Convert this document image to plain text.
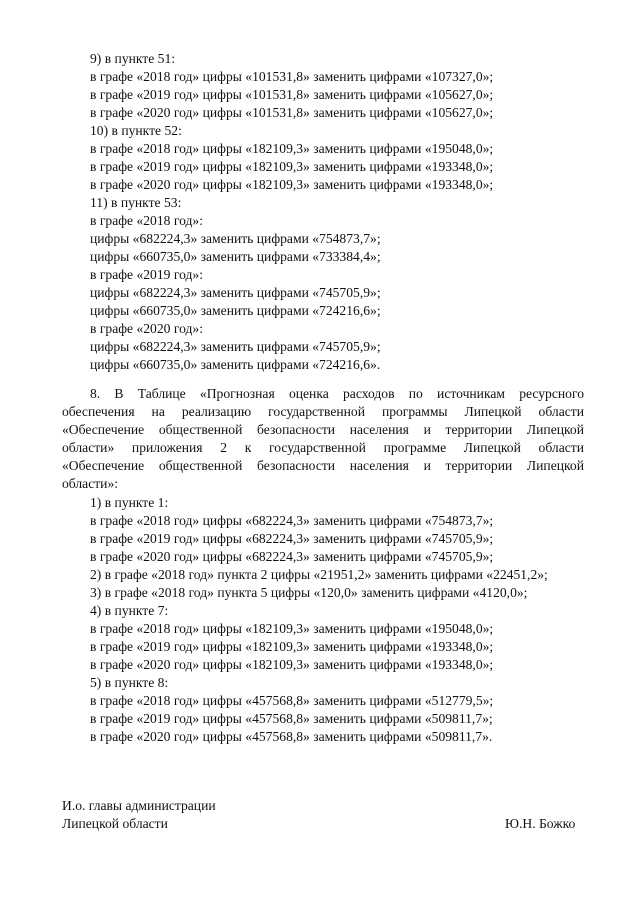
9) в пункте 51:
в графе «2018 год» цифры «101531,8» заменить цифрами «107327,0»;
в графе «2019 год» цифры «101531,8» заменить цифрами «105627,0»;
в графе «2020 год» цифры «101531,8» заменить цифрами «105627,0»;
10) в пункте 52:
в графе «2018 год» цифры «182109,3» заменить цифрами «195048,0»;
в графе «2019 год» цифры «182109,3» заменить цифрами «193348,0»;
в графе «2020 год» цифры «182109,3» заменить цифрами «193348,0»;
11) в пункте 53:
в графе «2018 год»:
цифры «682224,3» заменить цифрами «754873,7»;
цифры «660735,0» заменить цифрами «733384,4»;
в графе «2019 год»:
цифры «682224,3» заменить цифрами «745705,9»;
цифры «660735,0» заменить цифрами «724216,6»;
в графе «2020 год»:
цифры «682224,3» заменить цифрами «745705,9»;
цифры «660735,0» заменить цифрами «724216,6».
8. В Таблице «Прогнозная оценка расходов по источникам ресурсного
обеспечения на реализацию государственной программы Липецкой области
«Обеспечение общественной безопасности населения и территории Липецкой
области» приложения 2 к государственной программе Липецкой области
«Обеспечение общественной безопасности населения и территории Липецкой
области»:
1) в пункте 1:
в графе «2018 год» цифры «682224,3» заменить цифрами «754873,7»;
в графе «2019 год» цифры «682224,3» заменить цифрами «745705,9»;
в графе «2020 год» цифры «682224,3» заменить цифрами «745705,9»;
2) в графе «2018 год» пункта 2 цифры «21951,2» заменить цифрами «22451,2»;
3) в графе «2018 год» пункта 5 цифры «120,0» заменить цифрами «4120,0»;
4) в пункте 7:
в графе «2018 год» цифры «182109,3» заменить цифрами «195048,0»;
в графе «2019 год» цифры «182109,3» заменить цифрами «193348,0»;
в графе «2020 год» цифры «182109,3» заменить цифрами «193348,0»;
5) в пункте 8:
в графе «2018 год» цифры «457568,8» заменить цифрами «512779,5»;
в графе «2019 год» цифры «457568,8» заменить цифрами «509811,7»;
в графе «2020 год» цифры «457568,8» заменить цифрами «509811,7».
И.о. главы администрации
Липецкой области	Ю.Н. Божко
